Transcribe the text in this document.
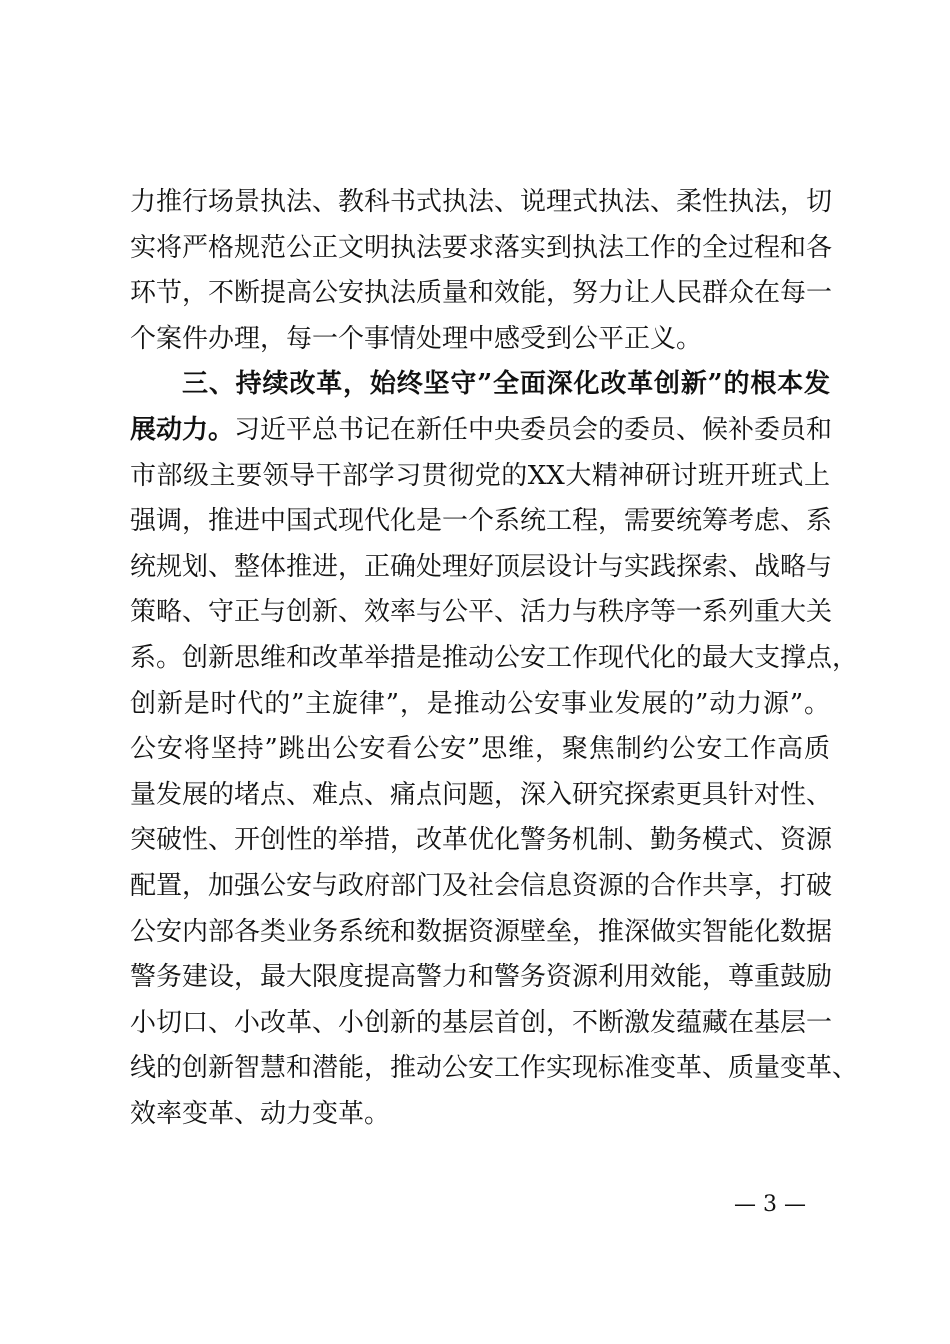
力推行场景执法、教科书式执法、说理式执法、柔性执法，切
实将严格规范公正文明执法要求落实到执法工作的全过程和各
环节，不断提高公安执法质量和效能，努力让人民群众在每一
个案件办理，每一个事情处理中感受到公平正义。
三、持续改革，始终坚守”全面深化改革创新”的根本发
展动力。习近平总书记在新任中央委员会的委员、候补委员和
市部级主要领导干部学习贯彻党的XX大精神研讨班开班式上
强调，推进中国式现代化是一个系统工程，需要统筹考虑、系
统规划、整体推进，正确处理好顶层设计与实践探索、战略与
策略、守正与创新、效率与公平、活力与秩序等一系列重大关
系。创新思维和改革举措是推动公安工作现代化的最大支撑点，
创新是时代的”主旋律”，是推动公安事业发展的”动力源”。
公安将坚持”跳出公安看公安”思维，聚焦制约公安工作高质
量发展的堵点、难点、痛点问题，深入研究探索更具针对性、
突破性、开创性的举措，改革优化警务机制、勤务模式、资源
配置，加强公安与政府部门及社会信息资源的合作共享，打破
公安内部各类业务系统和数据资源壁垒，推深做实智能化数据
警务建设，最大限度提高警力和警务资源利用效能，尊重鼓励
小切口、小改革、小创新的基层首创，不断激发蕴藏在基层一
线的创新智慧和潜能，推动公安工作实现标准变革、质量变革、
效率变革、动力变革。
— 3 —
